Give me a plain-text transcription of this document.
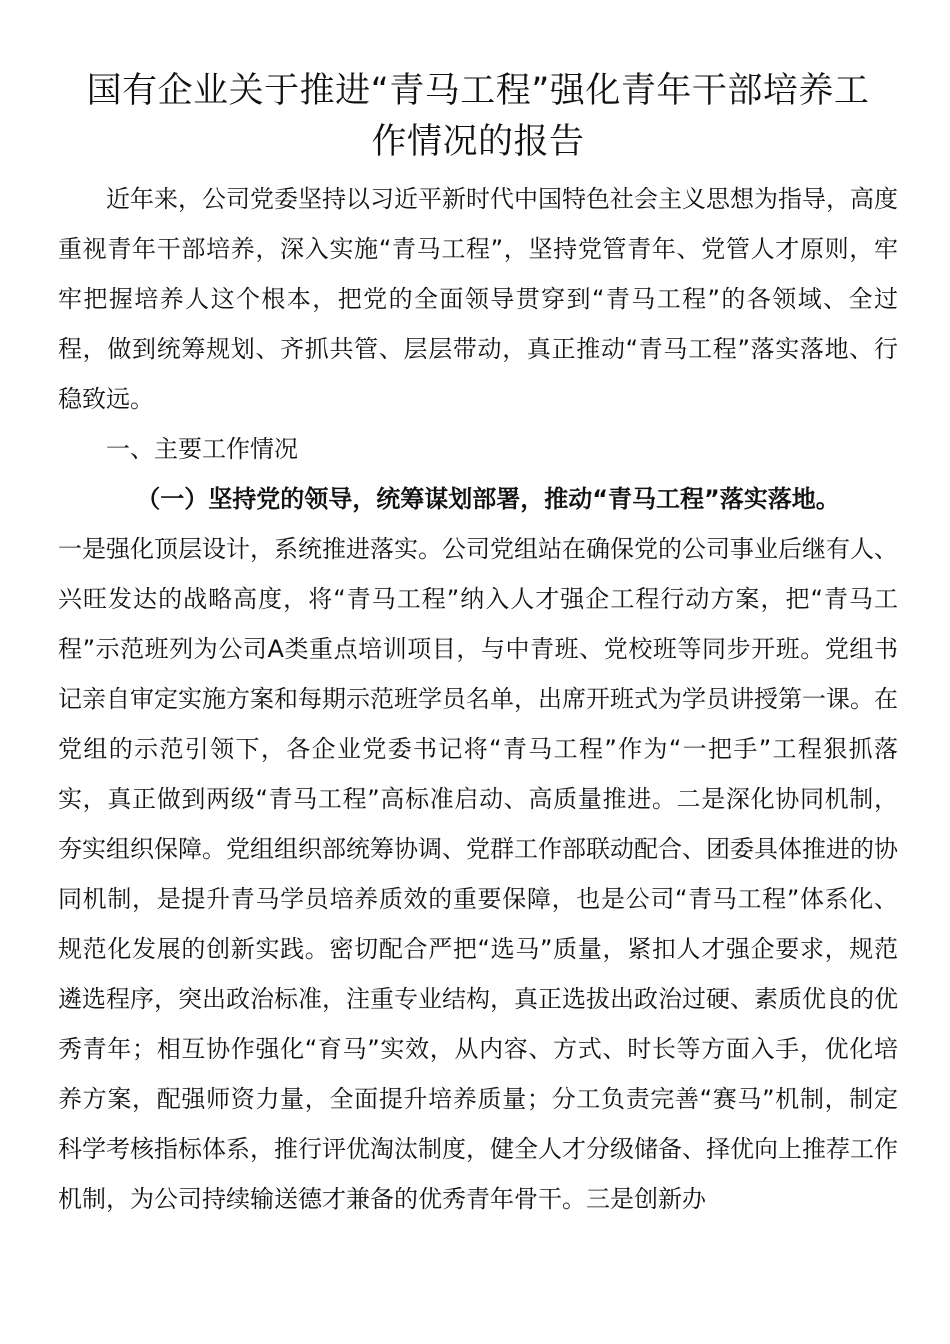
国有企业关于推进“青马工程”强化青年干部培养工
作情况的报告

近年来，公司党委坚持以习近平新时代中国特色社会主义思想为指导，高度重视青年干部培养，深入实施“青马工程”，坚持党管青年、党管人才原则，牢牢把握培养人这个根本，把党的全面领导贯穿到“青马工程”的各领域、全过程，做到统筹规划、齐抓共管、层层带动，真正推动“青马工程”落实落地、行稳致远。

一、主要工作情况

（一）坚持党的领导，统筹谋划部署，推动“青马工程”落实落地。

一是强化顶层设计，系统推进落实。公司党组站在确保党的公司事业后继有人、兴旺发达的战略高度，将“青马工程”纳入人才强企工程行动方案，把“青马工程”示范班列为公司A类重点培训项目，与中青班、党校班等同步开班。党组书记亲自审定实施方案和每期示范班学员名单，出席开班式为学员讲授第一课。在党组的示范引领下，各企业党委书记将“青马工程”作为“一把手”工程狠抓落实，真正做到两级“青马工程”高标准启动、高质量推进。二是深化协同机制，夯实组织保障。党组组织部统筹协调、党群工作部联动配合、团委具体推进的协同机制，是提升青马学员培养质效的重要保障，也是公司“青马工程”体系化、规范化发展的创新实践。密切配合严把“选马”质量，紧扣人才强企要求，规范遴选程序，突出政治标准，注重专业结构，真正选拔出政治过硬、素质优良的优秀青年；相互协作强化“育马”实效，从内容、方式、时长等方面入手，优化培养方案，配强师资力量，全面提升培养质量；分工负责完善“赛马”机制，制定科学考核指标体系，推行评优淘汰制度，健全人才分级储备、择优向上推荐工作机制，为公司持续输送德才兼备的优秀青年骨干。三是创新办
